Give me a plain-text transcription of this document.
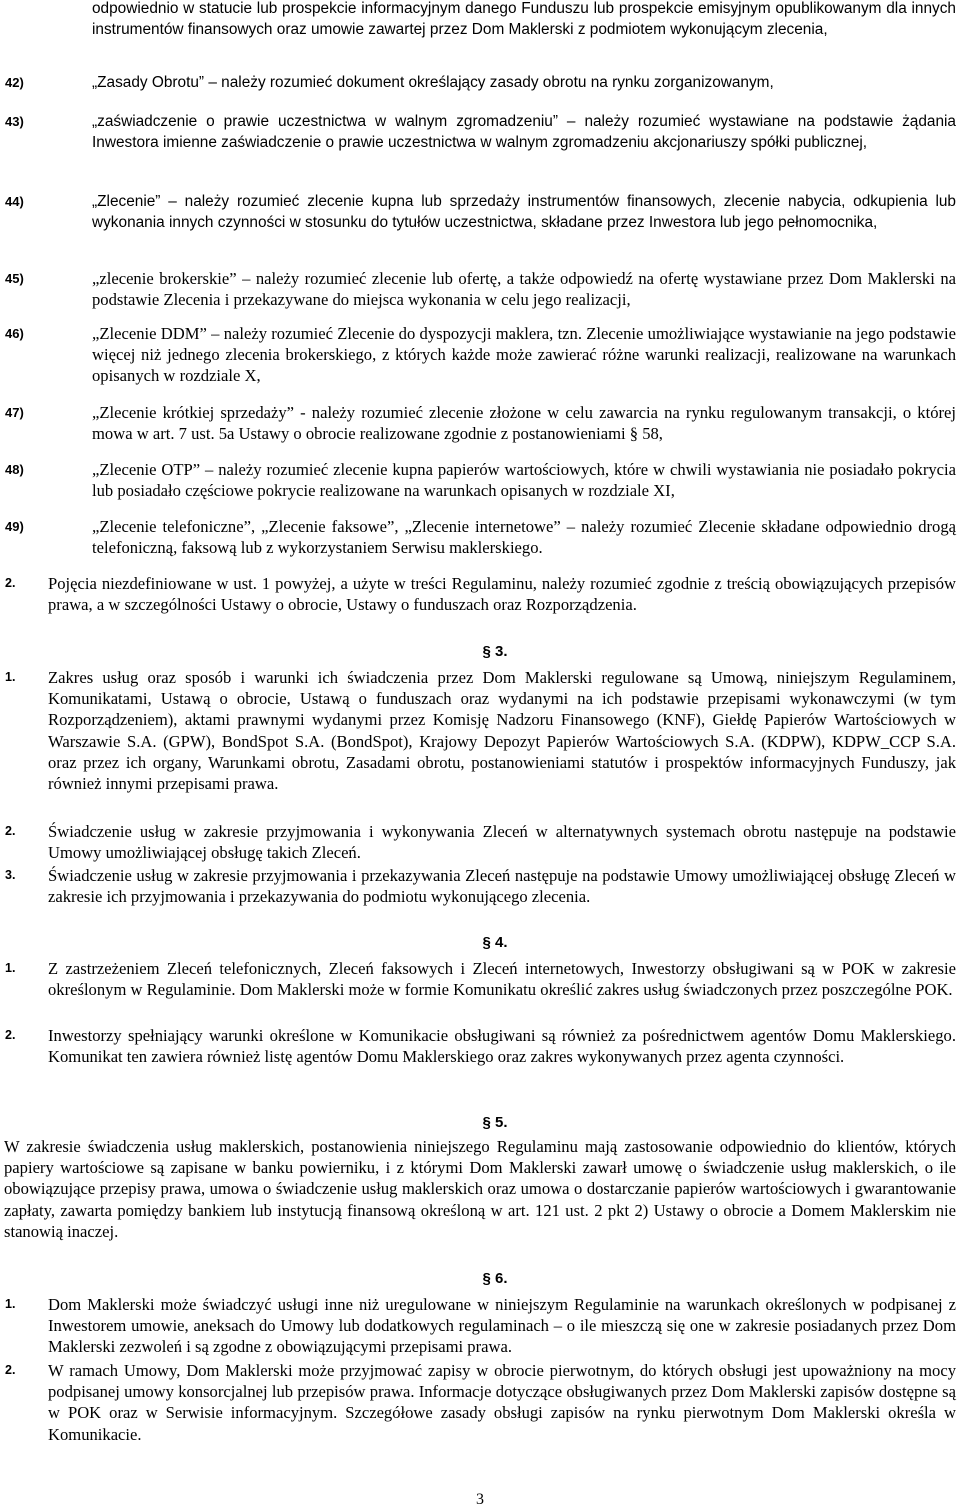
odpowiednio w statucie lub prospekcie informacyjnym danego Funduszu lub prospekcie emisyjnym opublikowanym dla innych instrumentów finansowych oraz umowie zawartej przez Dom Maklerski z podmiotem wykonującym zlecenia,

42)	„Zasady Obrotu” – należy rozumieć dokument określający zasady obrotu na rynku zorganizowanym,

43)	„zaświadczenie o prawie uczestnictwa w walnym zgromadzeniu” – należy rozumieć wystawiane na podstawie żądania Inwestora imienne zaświadczenie o prawie uczestnictwa w walnym zgromadzeniu akcjonariuszy spółki publicznej,

44)	„Zlecenie” – należy rozumieć zlecenie kupna lub sprzedaży instrumentów finansowych, zlecenie nabycia, odkupienia lub wykonania innych czynności w stosunku do tytułów uczestnictwa, składane przez Inwestora lub jego pełnomocnika,

45)	„zlecenie brokerskie” – należy rozumieć zlecenie lub ofertę, a także odpowiedź na ofertę wystawiane przez Dom Maklerski na podstawie Zlecenia i przekazywane do miejsca wykonania w celu jego realizacji,

46)	„Zlecenie DDM” – należy rozumieć Zlecenie do dyspozycji maklera, tzn. Zlecenie umożliwiające wystawianie na jego podstawie więcej niż jednego zlecenia brokerskiego, z których każde może zawierać różne warunki realizacji, realizowane na warunkach opisanych w rozdziale X,

47)	„Zlecenie krótkiej sprzedaży” - należy rozumieć zlecenie złożone w celu zawarcia na rynku regulowanym transakcji, o której mowa w art. 7 ust. 5a Ustawy o obrocie realizowane zgodnie z postanowieniami § 58,

48)	„Zlecenie OTP” – należy rozumieć zlecenie kupna papierów wartościowych, które w chwili wystawiania nie posiadało pokrycia lub posiadało częściowe pokrycie realizowane na warunkach opisanych w rozdziale XI,

49)	„Zlecenie telefoniczne”, „Zlecenie faksowe”, „Zlecenie internetowe” – należy rozumieć Zlecenie składane odpowiednio drogą telefoniczną, faksową lub z wykorzystaniem Serwisu maklerskiego.

2.	Pojęcia niezdefiniowane w ust. 1 powyżej, a użyte w treści Regulaminu, należy rozumieć zgodnie z treścią obowiązujących przepisów prawa, a w szczególności Ustawy o obrocie, Ustawy o funduszach oraz Rozporządzenia.

§ 3.

1.	Zakres usług oraz sposób i warunki ich świadczenia przez Dom Maklerski regulowane są Umową, niniejszym Regulaminem, Komunikatami, Ustawą o obrocie, Ustawą o funduszach oraz wydanymi na ich podstawie przepisami wykonawczymi (w tym Rozporządzeniem), aktami prawnymi wydanymi przez Komisję Nadzoru Finansowego (KNF), Giełdę Papierów Wartościowych w Warszawie S.A. (GPW), BondSpot S.A. (BondSpot), Krajowy Depozyt Papierów Wartościowych S.A. (KDPW), KDPW_CCP S.A. oraz przez ich organy, Warunkami obrotu, Zasadami obrotu, postanowieniami statutów i prospektów informacyjnych Funduszy, jak również innymi przepisami prawa.

2.	Świadczenie usług w zakresie przyjmowania i wykonywania Zleceń w alternatywnych systemach obrotu następuje na podstawie Umowy umożliwiającej obsługę takich Zleceń.

3.	Świadczenie usług w zakresie przyjmowania i przekazywania Zleceń następuje na podstawie Umowy umożliwiającej obsługę Zleceń w zakresie ich przyjmowania i przekazywania do podmiotu wykonującego zlecenia.

§ 4.

1.	Z zastrzeżeniem Zleceń telefonicznych, Zleceń faksowych i Zleceń internetowych, Inwestorzy obsługiwani są w POK w zakresie określonym w Regulaminie. Dom Maklerski może w formie Komunikatu określić zakres usług świadczonych przez poszczególne POK.

2.	Inwestorzy spełniający warunki określone w Komunikacie obsługiwani są również za pośrednictwem agentów Domu Maklerskiego. Komunikat ten zawiera również listę agentów Domu Maklerskiego oraz zakres wykonywanych przez agenta czynności.

§ 5.

W zakresie świadczenia usług maklerskich, postanowienia niniejszego Regulaminu mają zastosowanie odpowiednio do klientów, których papiery wartościowe są zapisane w banku powierniku, i z którymi Dom Maklerski zawarł umowę o świadczenie usług maklerskich, o ile obowiązujące przepisy prawa, umowa o świadczenie usług maklerskich oraz umowa o dostarczanie papierów wartościowych i gwarantowanie zapłaty, zawarta pomiędzy bankiem lub instytucją finansową określoną w art. 121 ust. 2 pkt 2) Ustawy o obrocie a Domem Maklerskim nie stanowią inaczej.

§ 6.

1.	Dom Maklerski może świadczyć usługi inne niż uregulowane w niniejszym Regulaminie na warunkach określonych w podpisanej z Inwestorem umowie, aneksach do Umowy lub dodatkowych regulaminach – o ile mieszczą się one w zakresie posiadanych przez Dom Maklerski zezwoleń i są zgodne z obowiązującymi przepisami prawa.

2.	W ramach Umowy, Dom Maklerski może przyjmować zapisy w obrocie pierwotnym, do których obsługi jest upoważniony na mocy podpisanej umowy konsorcjalnej lub przepisów prawa. Informacje dotyczące obsługiwanych przez Dom Maklerski zapisów dostępne są w POK oraz w Serwisie informacyjnym. Szczegółowe zasady obsługi zapisów na rynku pierwotnym Dom Maklerski określa w Komunikacie.

3
